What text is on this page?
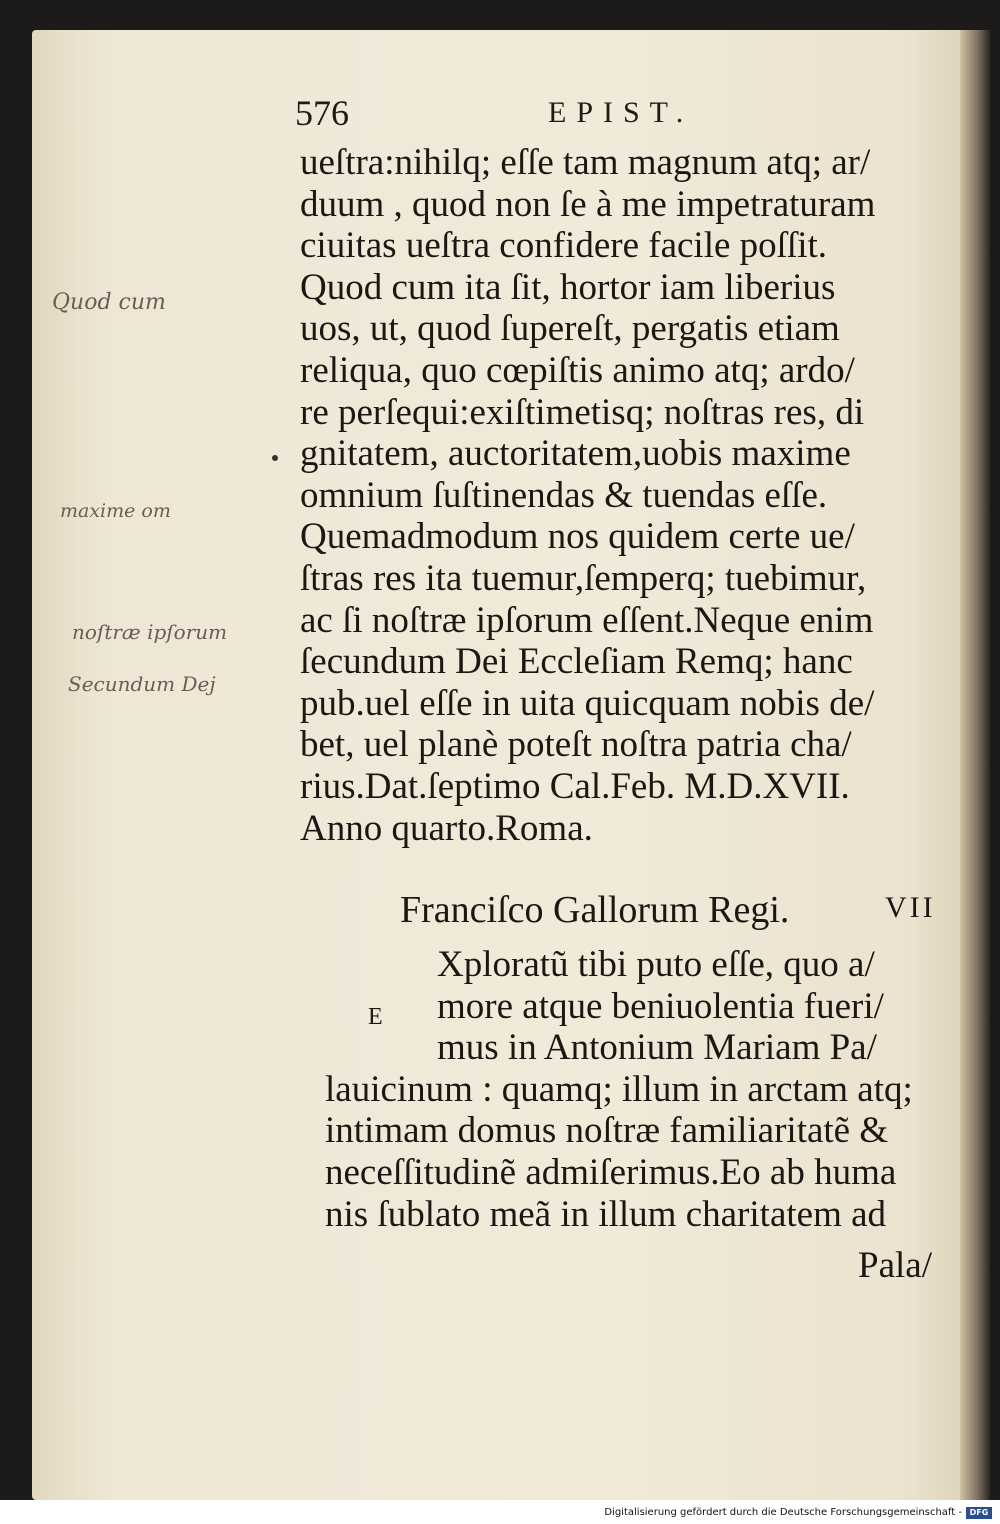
576	EPIST.
ueſtra:nihilq; eſſe tam magnum atq; ar/
duum , quod non ſe à me impetraturam
ciuitas ueſtra confidere facile poſſit.
Quod cum ita ſit, hortor iam liberius
uos, ut, quod ſupereſt, pergatis etiam
reliqua, quo cœpiſtis animo atq; ardo/
re perſequi:exiſtimetisq; noſtras res, di
gnitatem, auctoritatem,uobis maxime
omnium ſuſtinendas & tuendas eſſe.
Quemadmodum nos quidem certe ue/
ſtras res ita tuemur,ſemperq; tuebimur,
ac ſi noſtræ ipſorum eſſent.Neque enim
ſecundum Dei Eccleſiam Remq; hanc
pub.uel eſſe in uita quicquam nobis de/
bet, uel planè poteſt noſtra patria cha/
rius.Dat.ſeptimo Cal.Feb. M.D.XVII.
Anno quarto.Roma.
Franciſco Gallorum Regi.	VII
E
Xploratũ tibi puto eſſe, quo a/
more atque beniuolentia fueri/
mus in Antonium Mariam Pa/
lauicinum : quamq; illum in arctam atq;
intimam domus noſtræ familiaritatẽ &
neceſſitudinẽ admiſerimus.Eo ab huma
nis ſublato meã in illum charitatem ad
Pala/
Quod cum
maxime om
noſtræ ipſorum
Secundum Dej
Digitalisierung gefördert durch die Deutsche Forschungsgemeinschaft - DFG
